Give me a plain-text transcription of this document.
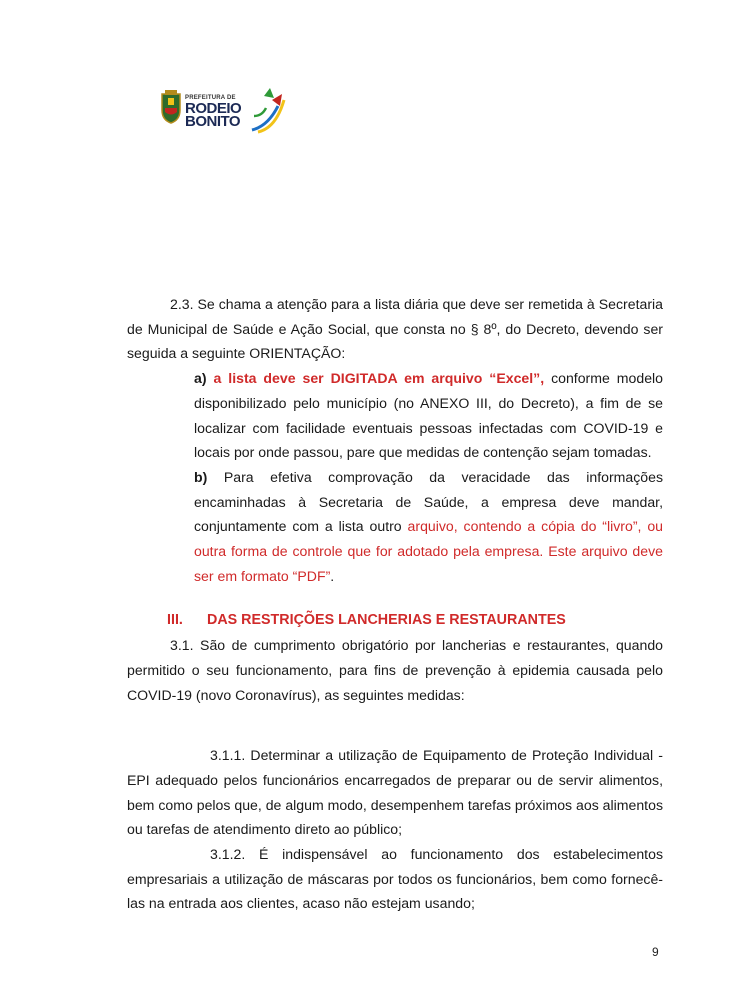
PREFEITURA DE
RODEIO
BONITO

2.3. Se chama a atenção para a lista diária que deve ser remetida à Secretaria de Municipal de Saúde e Ação Social, que consta no § 8º, do Decreto, devendo ser seguida a seguinte ORIENTAÇÃO:

a) a lista deve ser DIGITADA em arquivo “Excel”, conforme modelo disponibilizado pelo município (no ANEXO III, do Decreto), a fim de se localizar com facilidade eventuais pessoas infectadas com COVID-19 e locais por onde passou, pare que medidas de contenção sejam tomadas.

b) Para efetiva comprovação da veracidade das informações encaminhadas à Secretaria de Saúde, a empresa deve mandar, conjuntamente com a lista outro arquivo, contendo a cópia do “livro”, ou outra forma de controle que for adotado pela empresa. Este arquivo deve ser em formato “PDF”.

III. DAS RESTRIÇÕES LANCHERIAS E RESTAURANTES

3.1. São de cumprimento obrigatório por lancherias e restaurantes, quando permitido o seu funcionamento, para fins de prevenção à epidemia causada pelo COVID-19 (novo Coronavírus), as seguintes medidas:

3.1.1. Determinar a utilização de Equipamento de Proteção Individual - EPI adequado pelos funcionários encarregados de preparar ou de servir alimentos, bem como pelos que, de algum modo, desempenhem tarefas próximos aos alimentos ou tarefas de atendimento direto ao público;

3.1.2. É indispensável ao funcionamento dos estabelecimentos empresariais a utilização de máscaras por todos os funcionários, bem como fornecê-las na entrada aos clientes, acaso não estejam usando;

9
